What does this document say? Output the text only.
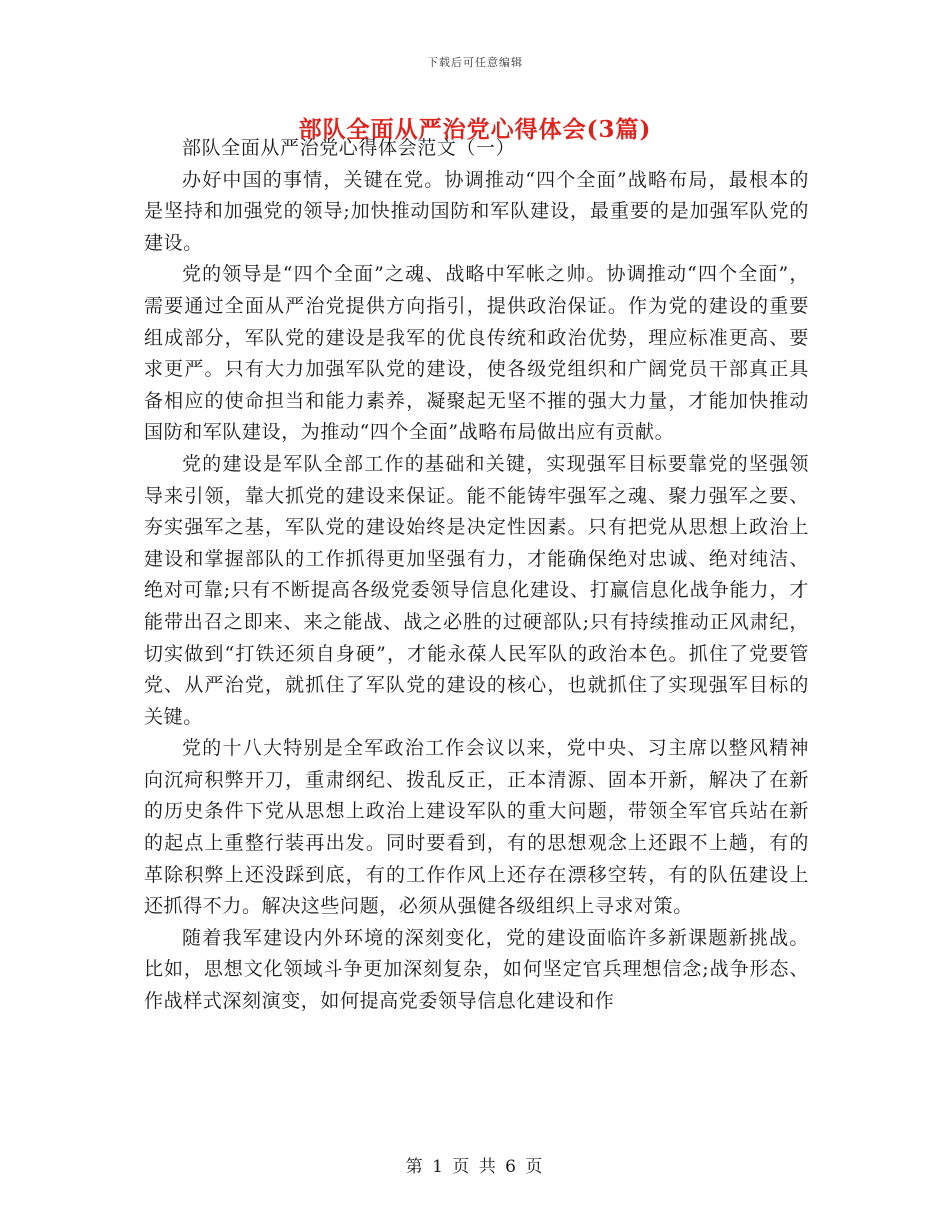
下载后可任意编辑
部队全面从严治党心得体会(3篇)

部队全面从严治党心得体会范文（一）

办好中国的事情，关键在党。协调推动“四个全面”战略布局，最根本的是坚持和加强党的领导;加快推动国防和军队建设，最重要的是加强军队党的建设。

党的领导是“四个全面”之魂、战略中军帐之帅。协调推动“四个全面”，需要通过全面从严治党提供方向指引，提供政治保证。作为党的建设的重要组成部分，军队党的建设是我军的优良传统和政治优势，理应标准更高、要求更严。只有大力加强军队党的建设，使各级党组织和广阔党员干部真正具备相应的使命担当和能力素养，凝聚起无坚不摧的强大力量，才能加快推动国防和军队建设，为推动“四个全面”战略布局做出应有贡献。

党的建设是军队全部工作的基础和关键，实现强军目标要靠党的坚强领导来引领，靠大抓党的建设来保证。能不能铸牢强军之魂、聚力强军之要、夯实强军之基，军队党的建设始终是决定性因素。只有把党从思想上政治上建设和掌握部队的工作抓得更加坚强有力，才能确保绝对忠诚、绝对纯洁、绝对可靠;只有不断提高各级党委领导信息化建设、打赢信息化战争能力，才能带出召之即来、来之能战、战之必胜的过硬部队;只有持续推动正风肃纪，切实做到“打铁还须自身硬”，才能永葆人民军队的政治本色。抓住了党要管党、从严治党，就抓住了军队党的建设的核心，也就抓住了实现强军目标的关键。

党的十八大特别是全军政治工作会议以来，党中央、习主席以整风精神向沉疴积弊开刀，重肃纲纪、拨乱反正，正本清源、固本开新，解决了在新的历史条件下党从思想上政治上建设军队的重大问题，带领全军官兵站在新的起点上重整行装再出发。同时要看到，有的思想观念上还跟不上趟，有的革除积弊上还没踩到底，有的工作作风上还存在漂移空转，有的队伍建设上还抓得不力。解决这些问题，必须从强健各级组织上寻求对策。

随着我军建设内外环境的深刻变化，党的建设面临许多新课题新挑战。比如，思想文化领域斗争更加深刻复杂，如何坚定官兵理想信念;战争形态、作战样式深刻演变，如何提高党委领导信息化建设和作

第 1 页 共 6 页
